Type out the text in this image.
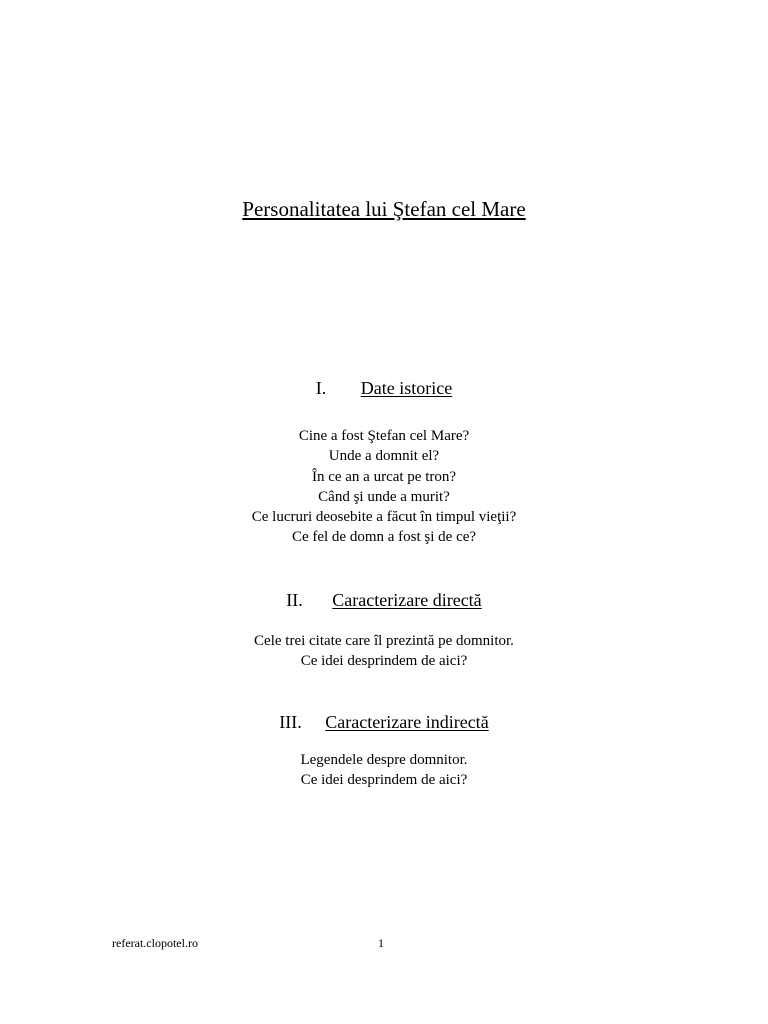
Personalitatea lui Ştefan cel Mare
I. Date istorice
Cine a fost Ştefan cel Mare?
Unde a domnit el?
În ce an a urcat pe tron?
Când şi unde a murit?
Ce lucruri deosebite a făcut în timpul vieţii?
Ce fel de domn a fost şi de ce?
II. Caracterizare directă
Cele trei citate care îl prezintă pe domnitor.
Ce idei desprindem de aici?
III. Caracterizare indirectă
Legendele despre domnitor.
Ce idei desprindem de aici?
referat.clopotel.ro	1
